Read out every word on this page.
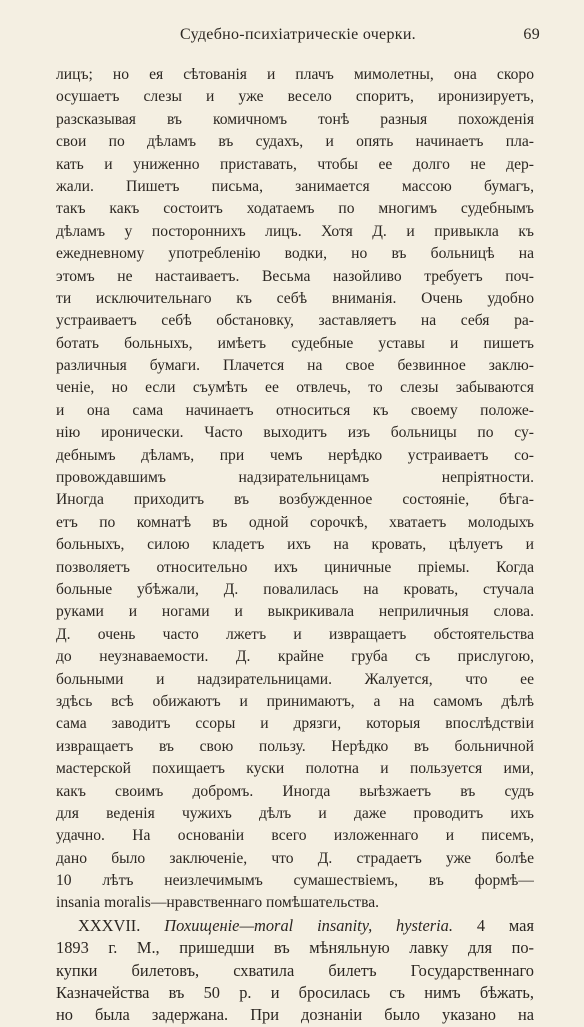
Судебно-психіатрическіе очерки.	69
лицъ; но ея сѣтованія и плачъ мимолетны, она скоро
осушаетъ слезы и уже весело споритъ, иронизируетъ,
разсказывая въ комичномъ тонѣ разныя похожденія
свои по дѣламъ въ судахъ, и опять начинаетъ пла-
кать и униженно приставать, чтобы ее долго не дер-
жали. Пишетъ письма, занимается массою бумагъ,
такъ какъ состоитъ ходатаемъ по многимъ судебнымъ
дѣламъ у постороннихъ лицъ. Хотя Д. и привыкла къ
ежедневному употребленію водки, но въ больницѣ на
этомъ не настаиваетъ. Весьма назойливо требуетъ поч-
ти исключительнаго къ себѣ вниманія. Очень удобно
устраиваетъ себѣ обстановку, заставляетъ на себя ра-
ботать больныхъ, имѣетъ судебные уставы и пишетъ
различныя бумаги. Плачется на свое безвинное заклю-
ченіе, но если съумѣть ее отвлечь, то слезы забываются
и она сама начинаетъ относиться къ своему положе-
нію иронически. Часто выходитъ изъ больницы по су-
дебнымъ дѣламъ, при чемъ нерѣдко устраиваетъ со-
провождавшимъ надзирательницамъ непріятности.
Иногда приходитъ въ возбужденное состояніе, бѣга-
етъ по комнатѣ въ одной сорочкѣ, хватаетъ молодыхъ
больныхъ, силою кладетъ ихъ на кровать, цѣлуетъ и
позволяетъ относительно ихъ циничные пріемы. Когда
больные убѣжали, Д. повалилась на кровать, стучала
руками и ногами и выкрикивала неприличныя слова.
Д. очень часто лжетъ и извращаетъ обстоятельства
до неузнаваемости. Д. крайне груба съ прислугою,
больными и надзирательницами. Жалуется, что ее
здѣсь всѣ обижаютъ и принимаютъ, а на самомъ дѣлѣ
сама заводитъ ссоры и дрязги, которыя впослѣдствіи
извращаетъ въ свою пользу. Нерѣдко въ больничной
мастерской похищаетъ куски полотна и пользуется ими,
какъ своимъ добромъ. Иногда выѣзжаетъ въ судъ
для веденія чужихъ дѣлъ и даже проводитъ ихъ
удачно. На основаніи всего изложеннаго и писемъ,
дано было заключеніе, что Д. страдаетъ уже болѣе
10 лѣтъ неизлечимымъ сумашествіемъ, въ формѣ—
insania moralis—нравственнаго помѣшательства.
XXXVII. Похищеніе—moral insanity, hysteria. 4 мая
1893 г. М., пришедши въ мѣняльную лавку для по-
купки билетовъ, схватила билетъ Государственнаго
Казначейства въ 50 р. и бросилась съ нимъ бѣжать,
но была задержана. При дознаніи было указано на
